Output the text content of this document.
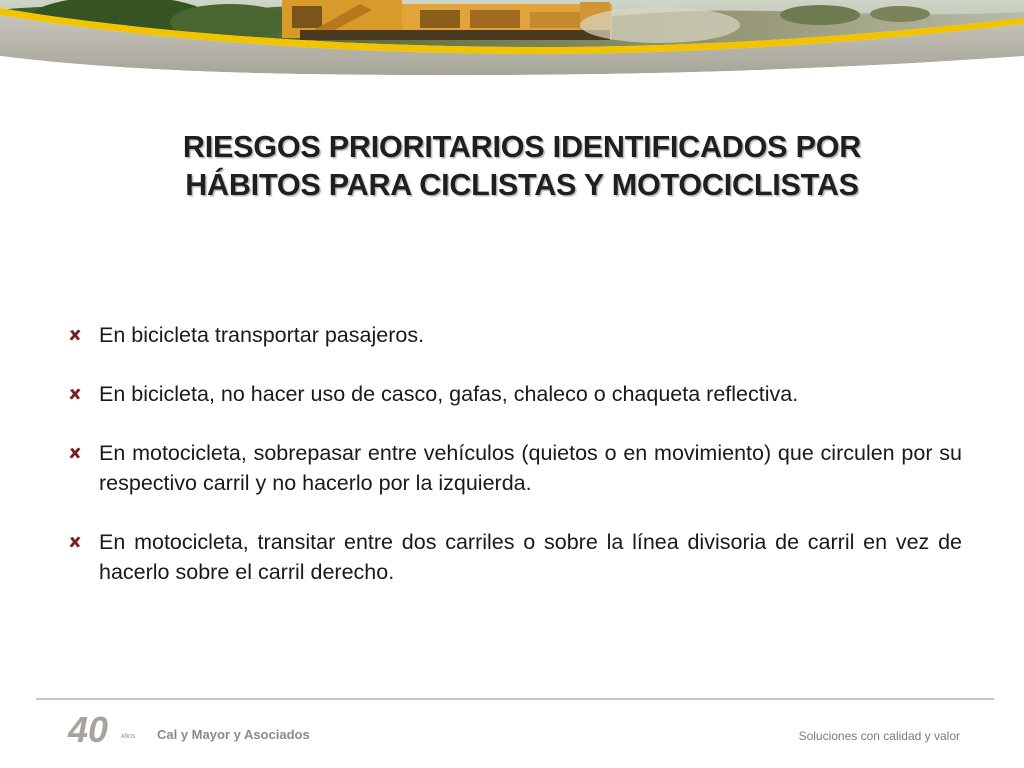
RIESGOS PRIORITARIOS IDENTIFICADOS POR
HÁBITOS PARA CICLISTAS Y MOTOCICLISTAS
En bicicleta transportar pasajeros.
En bicicleta, no hacer uso de casco, gafas, chaleco o chaqueta reflectiva.
En motocicleta, sobrepasar entre vehículos (quietos o en movimiento) que circulen por su respectivo carril y no hacerlo por la izquierda.
En motocicleta, transitar entre dos carriles o sobre la línea divisoria de carril en vez de hacerlo sobre el carril derecho.
40	AÑOS Cal y Mayor y Asociados	Soluciones con calidad y valor
